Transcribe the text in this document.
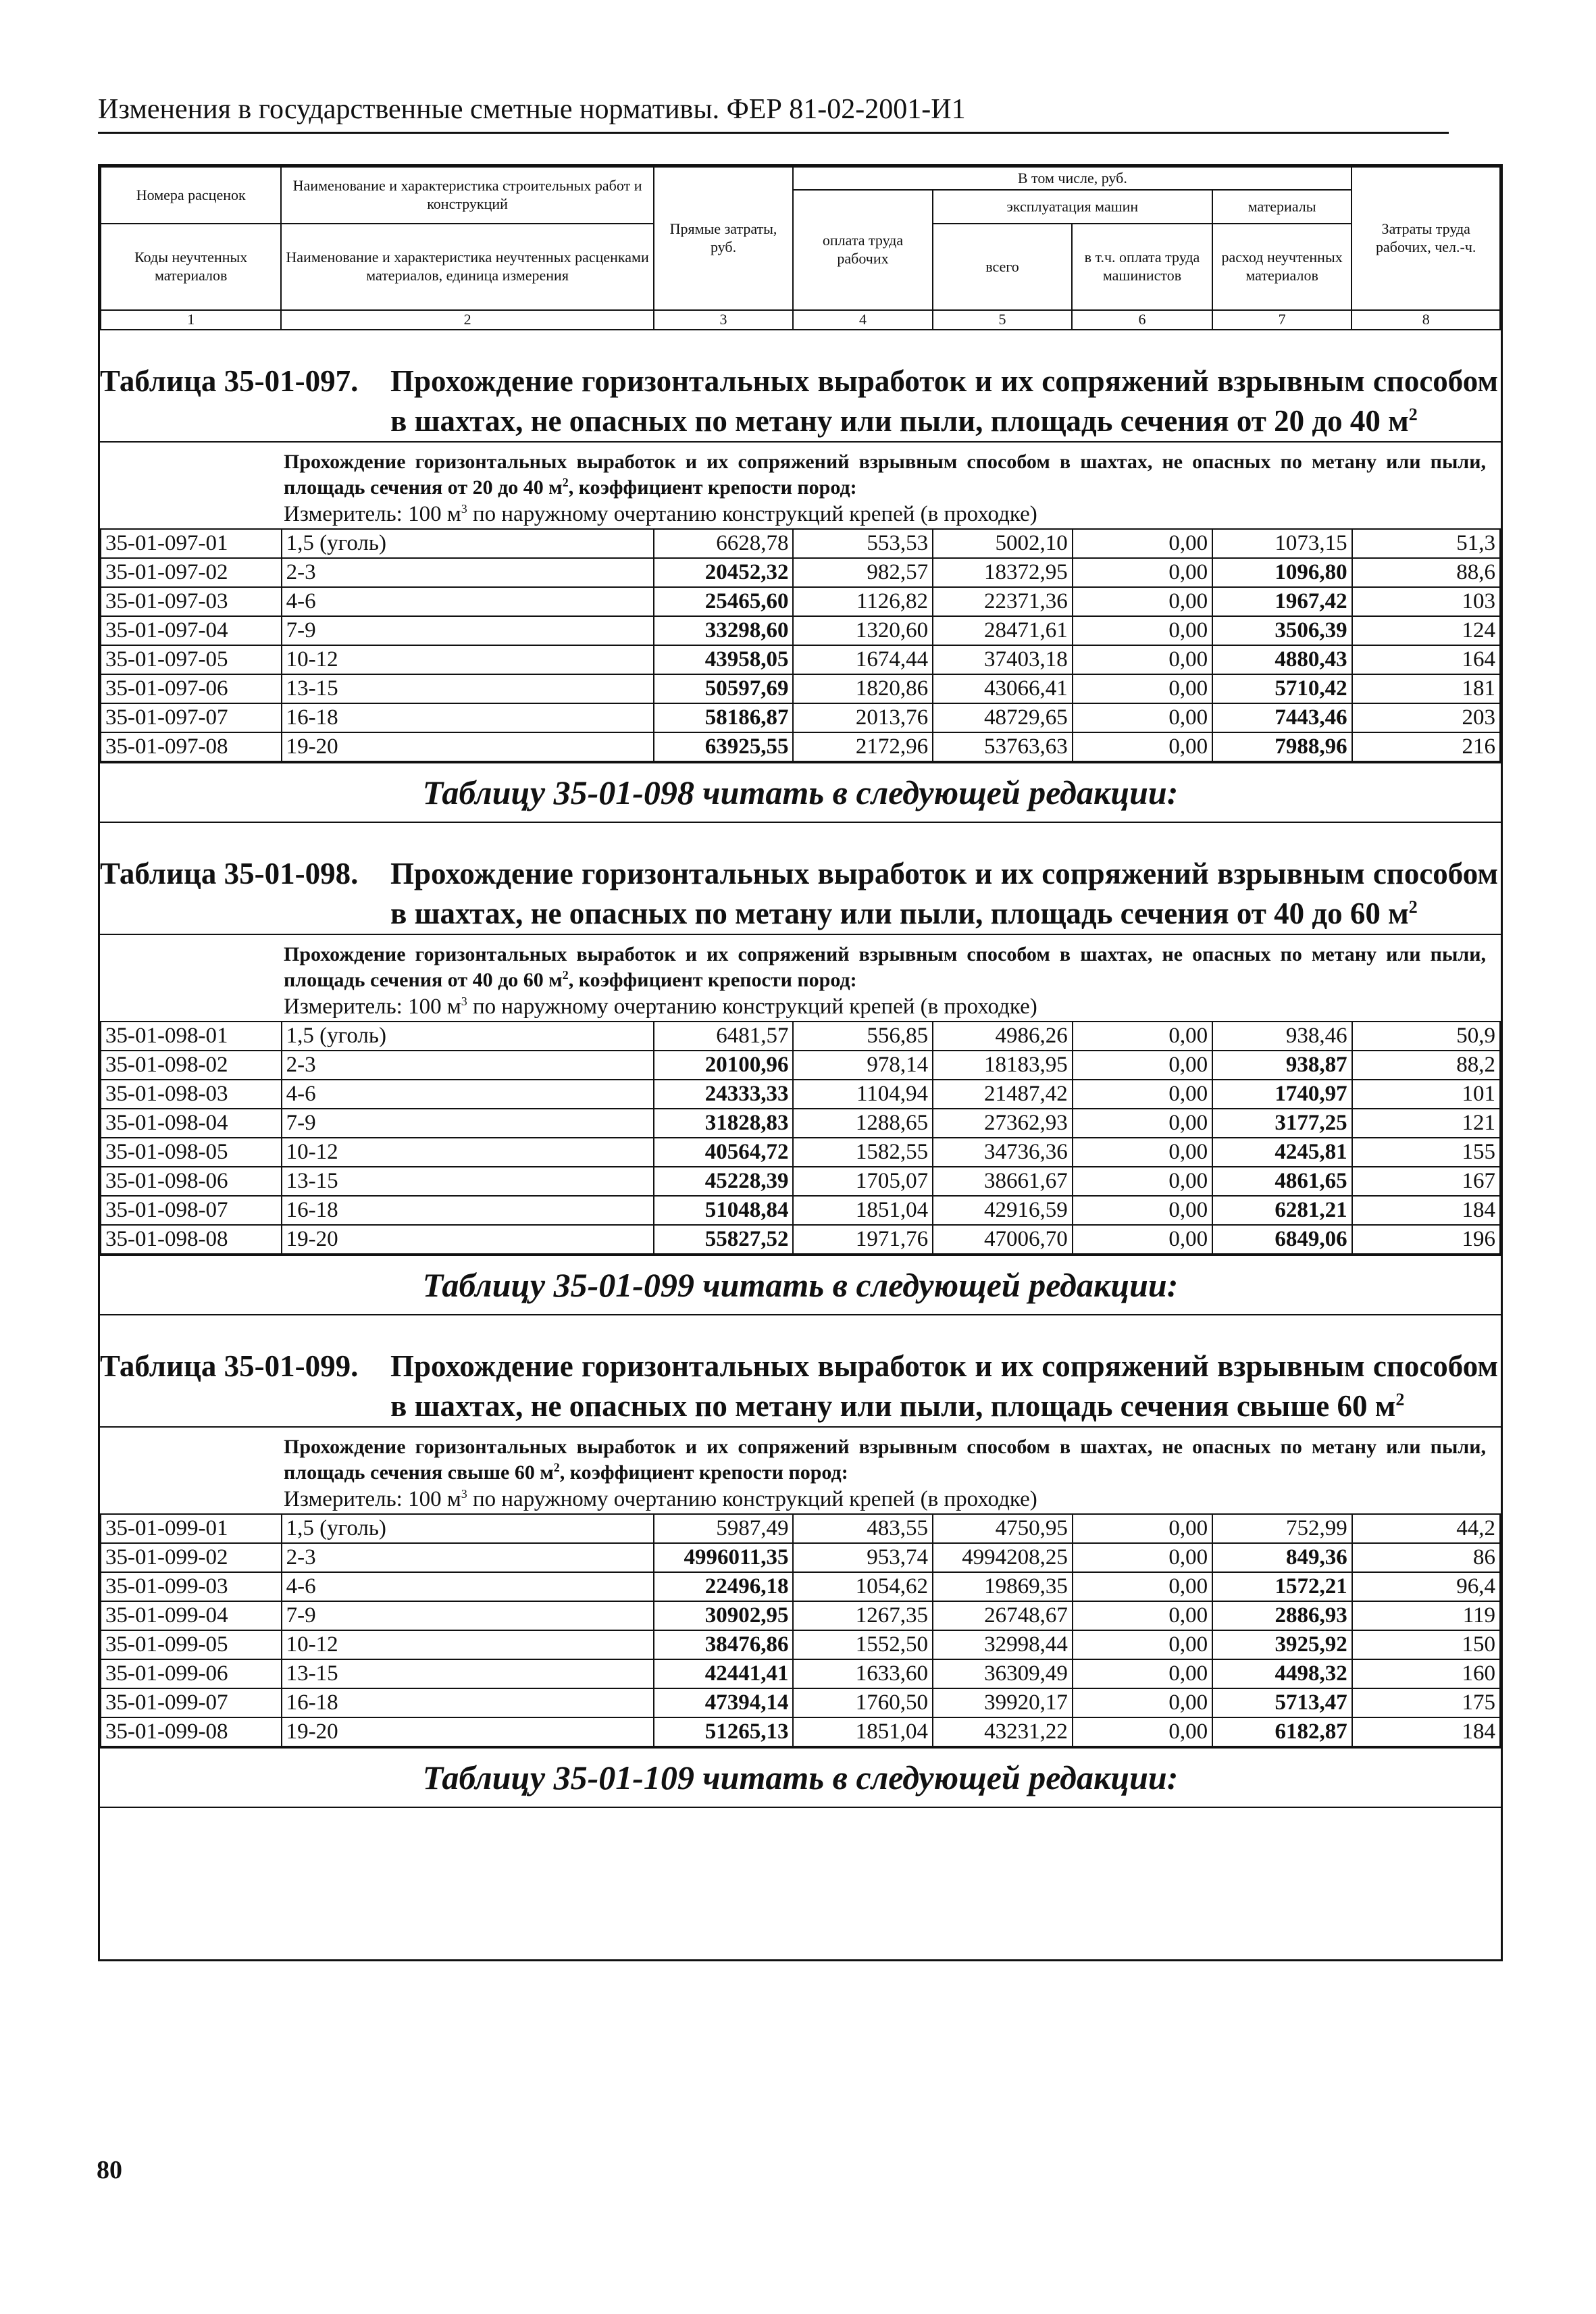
Изменения в государственные сметные нормативы. ФЕР 81-02-2001-И1
Номера расценок	Наименование и характеристика строительных работ и конструкций	Прямые затраты, руб.	В том числе, руб.				Затраты труда рабочих, чел.-ч.
			оплата труда рабочих	эксплуатация машин		материалы	
Коды неучтенных материалов	Наименование и характеристика неучтенных расценками материалов, единица измерения			всего	в т.ч. оплата труда машинистов	расход неучтенных материалов	
1	2	3	4	5	6	7	8
Таблица 35-01-097. Прохождение горизонтальных выработок и их сопряжений взрывным способом в шахтах, не опасных по метану или пыли, площадь сечения от 20 до 40 $м^2$
Прохождение горизонтальных выработок и их сопряжений взрывным способом в шахтах, не опасных по метану или пыли, площадь сечения от 20 до 40 $м^2$, коэффициент крепости пород:
Измеритель: 100 $м^3$ по наружному очертанию конструкций крепей (в проходке)
35-01-097-01	1,5 (уголь)	6628,78	553,53	5002,10	0,00	1073,15	51,3
35-01-097-02	2-3	20452,32	982,57	18372,95	0,00	1096,80	88,6
35-01-097-03	4-6	25465,60	1126,82	22371,36	0,00	1967,42	103
35-01-097-04	7-9	33298,60	1320,60	28471,61	0,00	3506,39	124
35-01-097-05	10-12	43958,05	1674,44	37403,18	0,00	4880,43	164
35-01-097-06	13-15	50597,69	1820,86	43066,41	0,00	5710,42	181
35-01-097-07	16-18	58186,87	2013,76	48729,65	0,00	7443,46	203
35-01-097-08	19-20	63925,55	2172,96	53763,63	0,00	7988,96	216
Таблицу 35-01-098 читать в следующей редакции:
Таблица 35-01-098. Прохождение горизонтальных выработок и их сопряжений взрывным способом в шахтах, не опасных по метану или пыли, площадь сечения от 40 до 60 $м^2$
Прохождение горизонтальных выработок и их сопряжений взрывным способом в шахтах, не опасных по метану или пыли, площадь сечения от 40 до 60 $м^2$, коэффициент крепости пород:
Измеритель: 100 $м^3$ по наружному очертанию конструкций крепей (в проходке)
35-01-098-01	1,5 (уголь)	6481,57	556,85	4986,26	0,00	938,46	50,9
35-01-098-02	2-3	20100,96	978,14	18183,95	0,00	938,87	88,2
35-01-098-03	4-6	24333,33	1104,94	21487,42	0,00	1740,97	101
35-01-098-04	7-9	31828,83	1288,65	27362,93	0,00	3177,25	121
35-01-098-05	10-12	40564,72	1582,55	34736,36	0,00	4245,81	155
35-01-098-06	13-15	45228,39	1705,07	38661,67	0,00	4861,65	167
35-01-098-07	16-18	51048,84	1851,04	42916,59	0,00	6281,21	184
35-01-098-08	19-20	55827,52	1971,76	47006,70	0,00	6849,06	196
Таблицу 35-01-099 читать в следующей редакции:
Таблица 35-01-099. Прохождение горизонтальных выработок и их сопряжений взрывным способом в шахтах, не опасных по метану или пыли, площадь сечения свыше 60 $м^2$
Прохождение горизонтальных выработок и их сопряжений взрывным способом в шахтах, не опасных по метану или пыли, площадь сечения свыше 60 $м^2$, коэффициент крепости пород:
Измеритель: 100 $м^3$ по наружному очертанию конструкций крепей (в проходке)
35-01-099-01	1,5 (уголь)	5987,49	483,55	4750,95	0,00	752,99	44,2
35-01-099-02	2-3	4996011,35	953,74	4994208,25	0,00	849,36	86
35-01-099-03	4-6	22496,18	1054,62	19869,35	0,00	1572,21	96,4
35-01-099-04	7-9	30902,95	1267,35	26748,67	0,00	2886,93	119
35-01-099-05	10-12	38476,86	1552,50	32998,44	0,00	3925,92	150
35-01-099-06	13-15	42441,41	1633,60	36309,49	0,00	4498,32	160
35-01-099-07	16-18	47394,14	1760,50	39920,17	0,00	5713,47	175
35-01-099-08	19-20	51265,13	1851,04	43231,22	0,00	6182,87	184
Таблицу 35-01-109 читать в следующей редакции:
80
